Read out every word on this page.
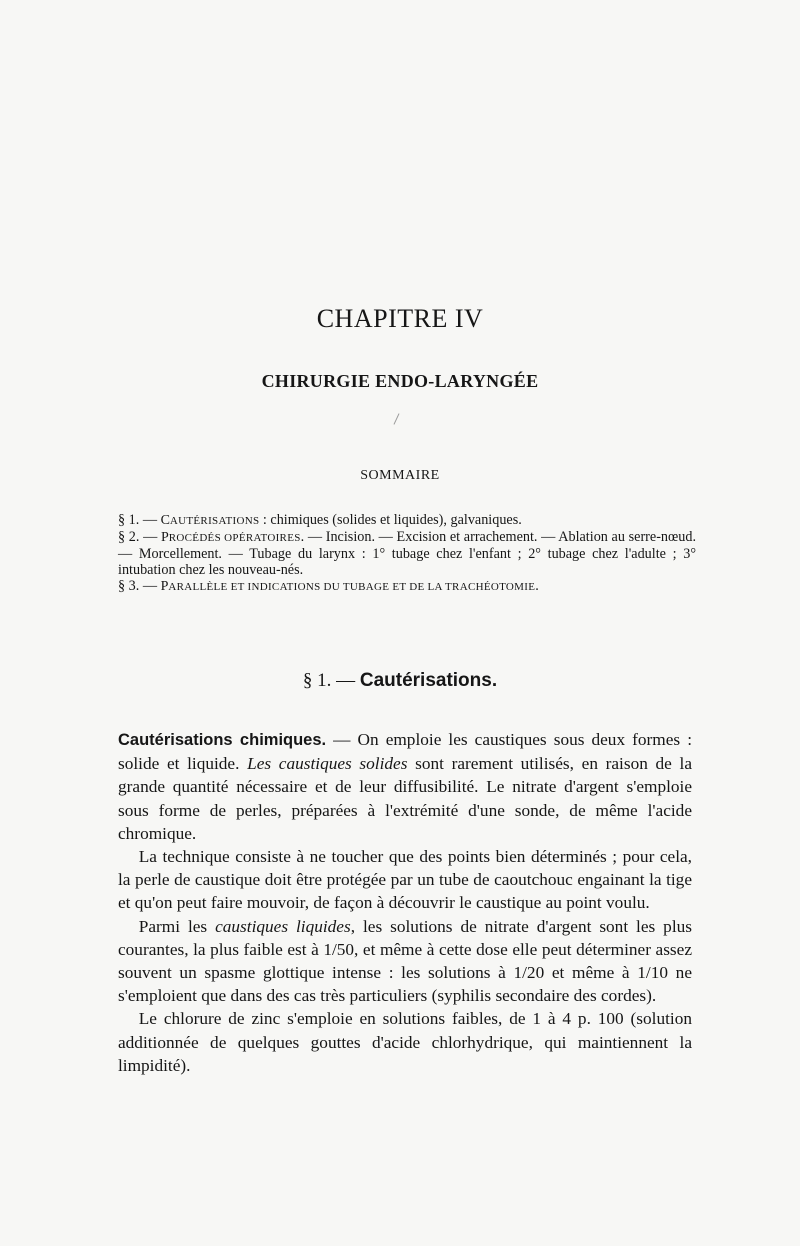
CHAPITRE IV
CHIRURGIE ENDO-LARYNGÉE
SOMMAIRE

§ 1. — CAUTÉRISATIONS : chimiques (solides et liquides), galvaniques.

§ 2. — PROCÉDÉS OPÉRATOIRES. — Incision. — Excision et arrachement. — Ablation au serre-nœud. — Morcellement. — Tubage du larynx : 1° tubage chez l'enfant ; 2° tubage chez l'adulte ; 3° intubation chez les nouveau-nés.

§ 3. — PARALLÈLE ET INDICATIONS DU TUBAGE ET DE LA TRACHÉOTOMIE.

§ 1. — Cautérisations.

Cautérisations chimiques. — On emploie les caustiques sous deux formes : solide et liquide. Les caustiques solides sont rarement utilisés, en raison de la grande quantité nécessaire et de leur diffusibilité. Le nitrate d'argent s'emploie sous forme de perles, préparées à l'extrémité d'une sonde, de même l'acide chromique.

La technique consiste à ne toucher que des points bien déterminés ; pour cela, la perle de caustique doit être protégée par un tube de caoutchouc engainant la tige et qu'on peut faire mouvoir, de façon à découvrir le caustique au point voulu.

Parmi les caustiques liquides, les solutions de nitrate d'argent sont les plus courantes, la plus faible est à 1/50, et même à cette dose elle peut déterminer assez souvent un spasme glottique intense : les solutions à 1/20 et même à 1/10 ne s'emploient que dans des cas très particuliers (syphilis secondaire des cordes).

Le chlorure de zinc s'emploie en solutions faibles, de 1 à 4 p. 100 (solution additionnée de quelques gouttes d'acide chlorhydrique, qui maintiennent la limpidité).
